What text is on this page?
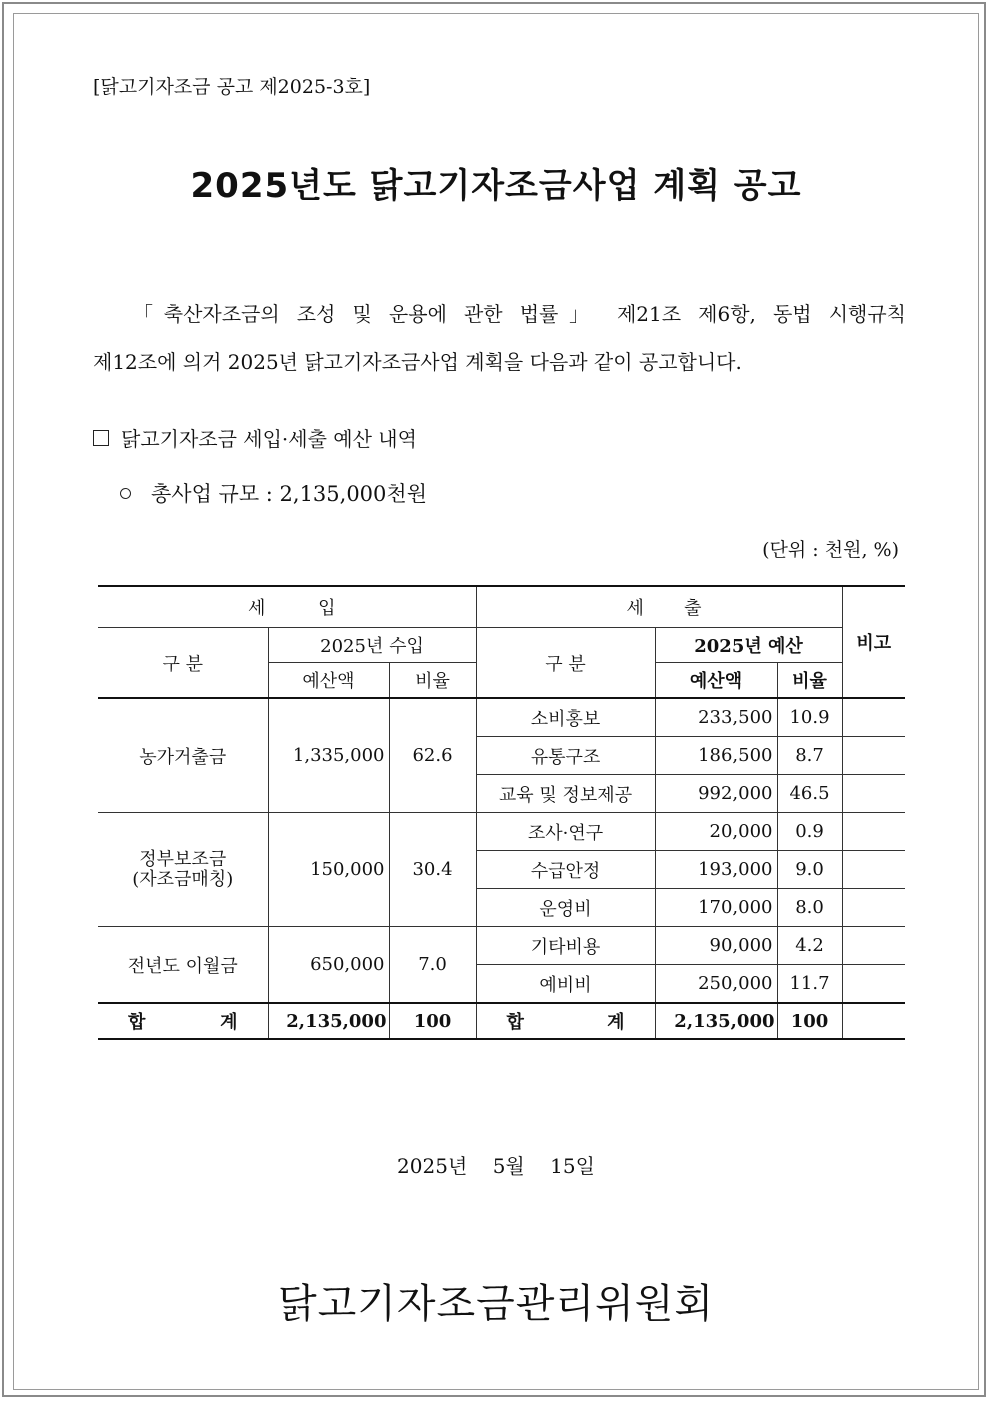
[닭고기자조금 공고 제2025-3호]
2025년도 닭고기자조금사업 계획 공고
「축산자조금의 조성 및 운용에 관한 법률」 제21조 제6항, 동법 시행규칙
제12조에 의거 2025년 닭고기자조금사업 계획을 다음과 같이 공고합니다.
닭고기자조금 세입·세출 예산 내역
총사업 규모 : 2,135,000천원
(단위 : 천원, %)
세 입			세 출			비고
구 분	2025년 수입		구 분	2025년 예산		
	예산액	비율		예산액	비율	
농가거출금	1,335,000	62.6	소비홍보	233,500	10.9	
			유통구조	186,500	8.7	
			교육 및 정보제공	992,000	46.5	
정부보조금
(자조금매칭)	150,000	30.4	조사·연구	20,000	0.9	
			수급안정	193,000	9.0	
			운영비	170,000	8.0	
전년도 이월금	650,000	7.0	기타비용	90,000	4.2	
			예비비	250,000	11.7	

합 계	2,135,000	100	합 계	2,135,000	100	
2025년    5월    15일
닭고기자조금관리위원회
